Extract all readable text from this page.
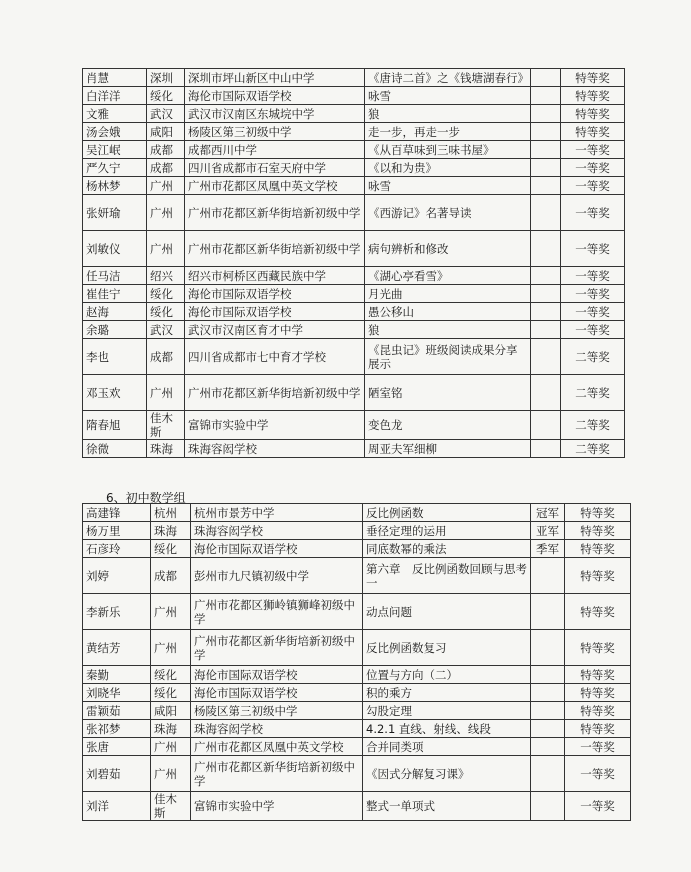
肖慧	深圳	深圳市坪山新区中山中学	《唐诗二首》之《钱塘湖春行》		特等奖
白洋洋	绥化	海伦市国际双语学校	咏雪		特等奖
文雅	武汉	武汉市汉南区东城垸中学	狼		特等奖
汤会娥	咸阳	杨陵区第三初级中学	走一步，再走一步		特等奖
吴江岷	成都	成都西川中学	《从百草味到三味书屋》		一等奖
严久宁	成都	四川省成都市石室天府中学	《以和为贵》		一等奖
杨林梦	广州	广州市花都区凤凰中英文学校	咏雪		一等奖
张妍瑜	广州	广州市花都区新华街培新初级中学	《西游记》名著导读		一等奖
刘敏仪	广州	广州市花都区新华街培新初级中学	病句辨析和修改		一等奖
任马洁	绍兴	绍兴市柯桥区西藏民族中学	《湖心亭看雪》		一等奖
崔佳宁	绥化	海伦市国际双语学校	月光曲		一等奖
赵海	绥化	海伦市国际双语学校	愚公移山		一等奖
余璐	武汉	武汉市汉南区育才中学	狼		一等奖
李也	成都	四川省成都市七中育才学校	《昆虫记》班级阅读成果分享展示		二等奖
邓玉欢	广州	广州市花都区新华街培新初级中学	陋室铭		二等奖
隋春旭	佳木斯	富锦市实验中学	变色龙		二等奖
徐微	珠海	珠海容闳学校	周亚夫军细柳		二等奖
6、初中数学组
高建锋	杭州	杭州市景芳中学	反比例函数	冠军	特等奖
杨万里	珠海	珠海容闳学校	垂径定理的运用	亚军	特等奖
石彦玲	绥化	海伦市国际双语学校	同底数幂的乘法	季军	特等奖
刘婷	成都	彭州市九尺镇初级中学	第六章　反比例函数回顾与思考一		特等奖
李新乐	广州	广州市花都区狮岭镇狮峰初级中学	动点问题		特等奖
黄结芳	广州	广州市花都区新华街培新初级中学	反比例函数复习		特等奖
秦勤	绥化	海伦市国际双语学校	位置与方向（二）		特等奖
刘晓华	绥化	海伦市国际双语学校	积的乘方		特等奖
雷颖茹	咸阳	杨陵区第三初级中学	勾股定理		特等奖
张祁梦	珠海	珠海容闳学校	4.2.1 直线、射线、线段		特等奖
张唐	广州	广州市花都区凤凰中英文学校	合并同类项		一等奖
刘碧茹	广州	广州市花都区新华街培新初级中学	《因式分解复习课》		一等奖
刘洋	佳木斯	富锦市实验中学	整式一单项式		一等奖
